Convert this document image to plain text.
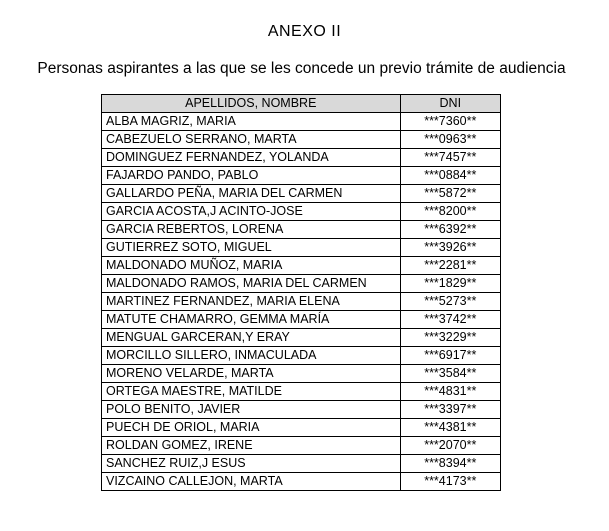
ANEXO II
Personas aspirantes a las que se les concede un previo trámite de audiencia
APELLIDOS, NOMBRE	DNI
ALBA MAGRIZ, MARIA	***7360**
CABEZUELO SERRANO, MARTA	***0963**
DOMINGUEZ FERNANDEZ, YOLANDA	***7457**
FAJARDO PANDO, PABLO	***0884**
GALLARDO PEÑA, MARIA DEL CARMEN	***5872**
GARCIA ACOSTA,J ACINTO-JOSE	***8200**
GARCIA REBERTOS, LORENA	***6392**
GUTIERREZ SOTO, MIGUEL	***3926**
MALDONADO MUÑOZ, MARIA	***2281**
MALDONADO RAMOS, MARIA DEL CARMEN	***1829**
MARTINEZ FERNANDEZ, MARIA ELENA	***5273**
MATUTE CHAMARRO, GEMMA MARÍA	***3742**
MENGUAL GARCERAN,Y ERAY	***3229**
MORCILLO SILLERO, INMACULADA	***6917**
MORENO VELARDE, MARTA	***3584**
ORTEGA MAESTRE, MATILDE	***4831**
POLO BENITO, JAVIER	***3397**
PUECH DE ORIOL, MARIA	***4381**
ROLDAN GOMEZ, IRENE	***2070**
SANCHEZ RUIZ,J ESUS	***8394**
VIZCAINO CALLEJON, MARTA	***4173**
